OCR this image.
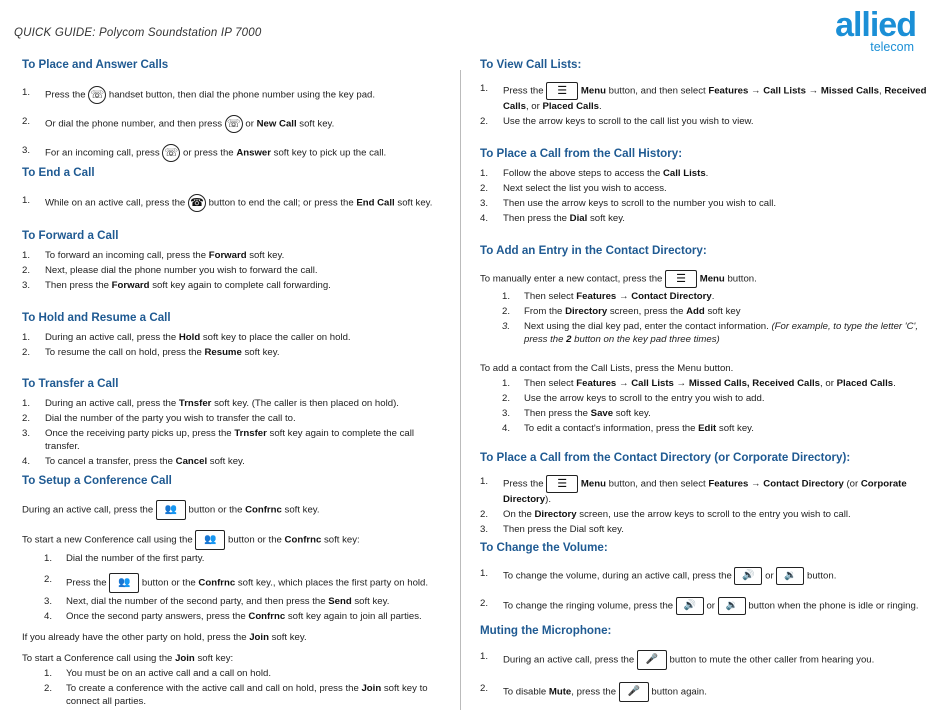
QUICK GUIDE: Polycom Soundstation IP 7000	allied
telecom
To Place and Answer Calls
1. Press the ☏ handset button, then dial the phone number using the key pad.
2. Or dial the phone number, and then press ☏ or New Call soft key.
3. For an incoming call, press ☏ or press the Answer soft key to pick up the call.
To End a Call
1. While on an active call, press the ☎ button to end the call; or press the End Call soft key.
To Forward a Call
1. To forward an incoming call, press the Forward soft key.
2. Next, please dial the phone number you wish to forward the call.
3. Then press the Forward soft key again to complete call forwarding.
To Hold and Resume a Call
1. During an active call, press the Hold soft key to place the caller on hold.
2. To resume the call on hold, press the Resume soft key.
To Transfer a Call
1. During an active call, press the Trnsfer soft key. (The caller is then placed on hold).
2. Dial the number of the party you wish to transfer the call to.
3. Once the receiving party picks up, press the Trnsfer soft key again to complete the call transfer.
4. To cancel a transfer, press the Cancel soft key.
To Setup a Conference Call

During an active call, press the 👥 button or the Confrnc soft key.

To start a new Conference call using the 👥 button or the Confrnc soft key:

1. Dial the number of the first party.
2. Press the 👥 button or the Confrnc soft key., which places the first party on hold.
3. Next, dial the number of the second party, and then press the Send soft key.
4. Once the second party answers, press the Confrnc soft key again to join all parties.

If you already have the other party on hold, press the Join soft key.

To start a Conference call using the Join soft key:

1. You must be on an active call and a call on hold.
2. To create a conference with the active call and call on hold, press the Join soft key to connect all parties.
To View Call Lists:
1. Press the ☰ Menu button, and then select Features → Call Lists → Missed Calls, Received Calls, or Placed Calls.
2. Use the arrow keys to scroll to the call list you wish to view.
To Place a Call from the Call History:
1. Follow the above steps to access the Call Lists.
2. Next select the list you wish to access.
3. Then use the arrow keys to scroll to the number you wish to call.
4. Then press the Dial soft key.
To Add an Entry in the Contact Directory:

To manually enter a new contact, press the ☰ Menu button.

1. Then select Features → Contact Directory.
2. From the Directory screen, press the Add soft key
3. Next using the dial key pad, enter the contact information. (For example, to type the letter 'C', press the 2 button on the key pad three times)

To add a contact from the Call Lists, press the Menu button.

1. Then select Features → Call Lists → Missed Calls, Received Calls, or Placed Calls.
2. Use the arrow keys to scroll to the entry you wish to add.
3. Then press the Save soft key.
4. To edit a contact's information, press the Edit soft key.
To Place a Call from the Contact Directory (or Corporate Directory):
1. Press the ☰ Menu button, and then select Features → Contact Directory (or Corporate Directory).
2. On the Directory screen, use the arrow keys to scroll to the entry you wish to call.
3. Then press the Dial soft key.
To Change the Volume:
1. To change the volume, during an active call, press the 🔊 or 🔉 button.
2. To change the ringing volume, press the 🔊 or 🔉 button when the phone is idle or ringing.
Muting the Microphone:
1. During an active call, press the 🎤 button to mute the other caller from hearing you.
2. To disable Mute, press the 🎤 button again.
